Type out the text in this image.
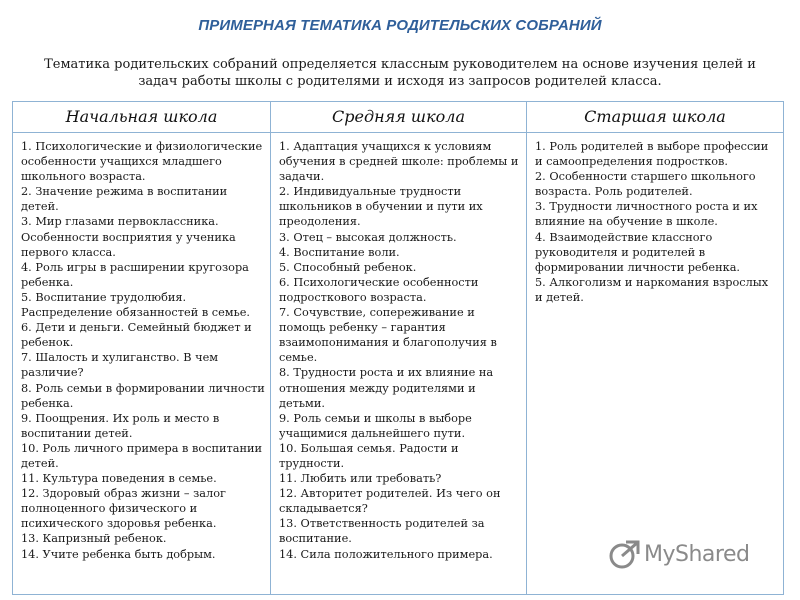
ПРИМЕРНАЯ ТЕМАТИКА РОДИТЕЛЬСКИХ СОБРАНИЙ
Тематика родительских собраний определяется классным руководителем на основе изучения целей и задач работы школы с родителями и исходя из запросов родителей класса.
Начальная школа	Средняя школа	Старшая школа

1. Психологические и физиологические особенности учащихся младшего школьного возраста.

2. Значение режима в воспитании детей.

3. Мир глазами первоклассника. Особенности восприятия у ученика первого класса.

4. Роль игры в расширении кругозора ребенка.

5. Воспитание трудолюбия.

Распределение обязанностей в семье.

6. Дети и деньги. Семейный бюджет и ребенок.

7. Шалость и хулиганство. В чем различие?

8. Роль семьи в формировании личности ребенка.

9. Поощрения. Их роль и место в воспитании детей.

10. Роль личного примера в воспитании детей.

11. Культура поведения в семье.

12. Здоровый образ жизни – залог полноценного физического и психического здоровья ребенка.

13. Капризный ребенок.

14. Учите ребенка быть добрым.

1. Адаптация учащихся к условиям обучения в средней школе: проблемы и задачи.

2. Индивидуальные трудности школьников в обучении и пути их преодоления.

3. Отец – высокая должность.

4. Воспитание воли.

5. Способный ребенок.

6. Психологические особенности подросткового возраста.

7. Сочувствие, сопереживание и помощь ребенку – гарантия взаимопонимания и благополучия в семье.

8. Трудности роста и их влияние на отношения между родителями и детьми.

9. Роль семьи и школы в выборе учащимися дальнейшего пути.

10. Большая семья. Радости и трудности.

11. Любить или требовать?

12. Авторитет родителей. Из чего он складывается?

13. Ответственность родителей за воспитание.

14. Сила положительного примера.

1. Роль родителей в выборе профессии и самоопределения подростков.

2. Особенности старшего школьного возраста. Роль родителей.

3. Трудности личностного роста и их влияние на обучение в школе.

4. Взаимодействие классного руководителя и родителей в формировании личности ребенка.

5. Алкоголизм и наркомания взрослых и детей.

MyShared
